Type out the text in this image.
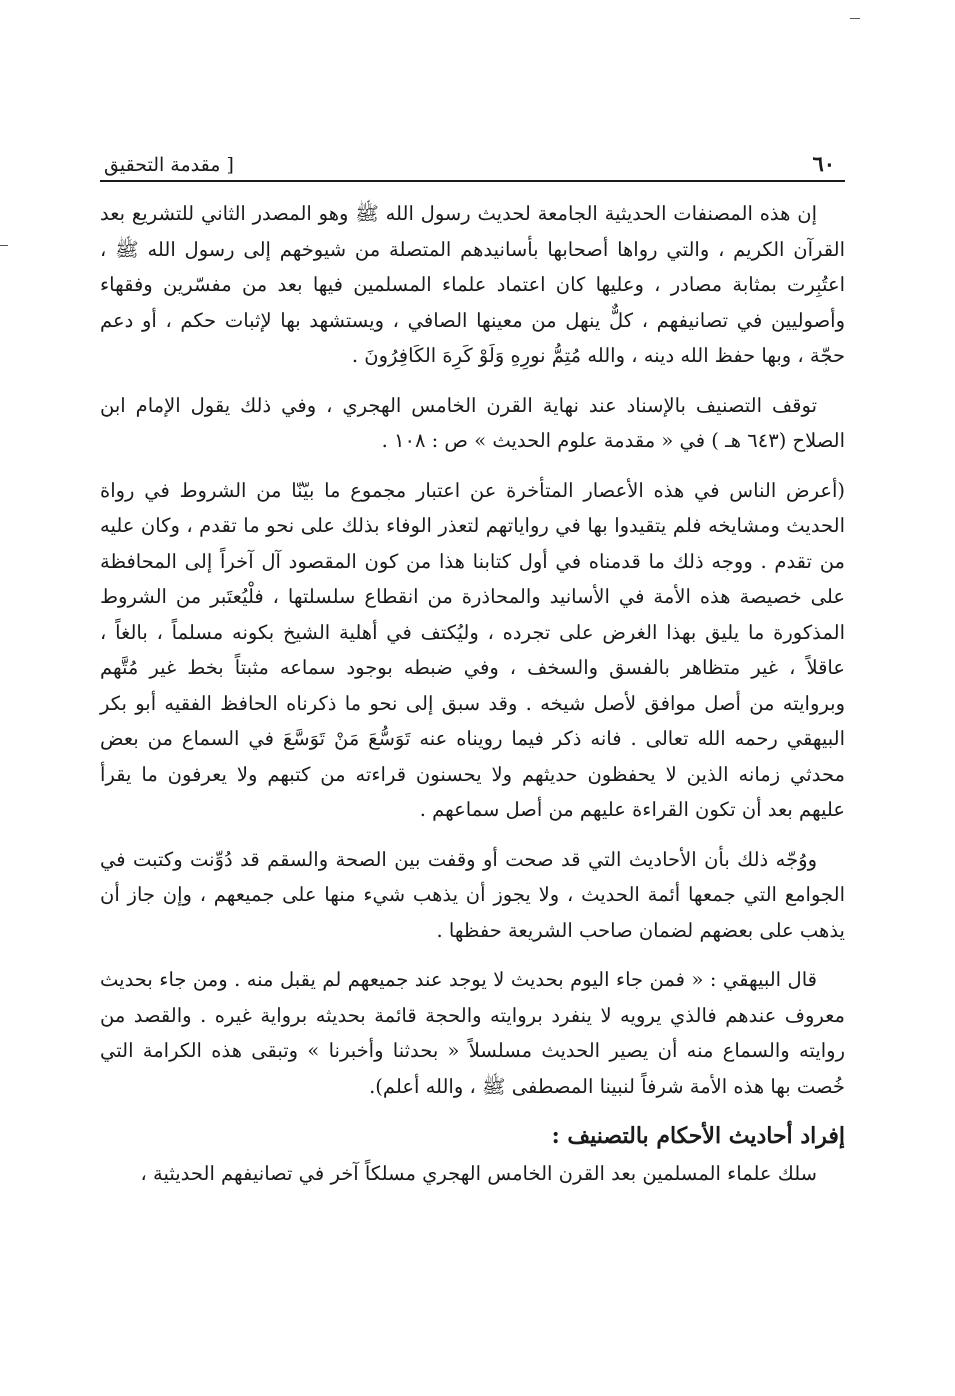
٦٠
[ مقدمة التحقيق

إن هذه المصنفات الحديثية الجامعة لحديث رسول الله ﷺ وهو المصدر الثاني للتشريع بعد القرآن الكريم ، والتي رواها أصحابها بأسانيدهم المتصلة من شيوخهم إلى رسول الله ﷺ ، اعتُبِرت بمثابة مصادر ، وعليها كان اعتماد علماء المسلمين فيها بعد من مفسّرين وفقهاء وأصوليين في تصانيفهم ، كلٌّ ينهل من معينها الصافي ، ويستشهد بها لإثبات حكم ، أو دعم حجّة ، وبها حفظ الله دينه ، والله مُتِمُّ نورِهِ وَلَوْ كَرِهَ الكَافِرُونَ .

توقف التصنيف بالإسناد عند نهاية القرن الخامس الهجري ، وفي ذلك يقول الإمام ابن الصلاح (٦٤٣ هـ ) في « مقدمة علوم الحديث » ص : ١٠٨ .

(أعرض الناس في هذه الأعصار المتأخرة عن اعتبار مجموع ما بيّنّا من الشروط في رواة الحديث ومشايخه فلم يتقيدوا بها في رواياتهم لتعذر الوفاء بذلك على نحو ما تقدم ، وكان عليه من تقدم . ووجه ذلك ما قدمناه في أول كتابنا هذا من كون المقصود آل آخراً إلى المحافظة على خصيصة هذه الأمة في الأسانيد والمحاذرة من انقطاع سلسلتها ، فلْيُعتَبر من الشروط المذكورة ما يليق بهذا الغرض على تجرده ، وليُكتف في أهلية الشيخ بكونه مسلماً ، بالغاً ، عاقلاً ، غير متظاهر بالفسق والسخف ، وفي ضبطه بوجود سماعه مثبتاً بخط غير مُتَّهم وبروايته من أصل موافق لأصل شيخه . وقد سبق إلى نحو ما ذكرناه الحافظ الفقيه أبو بكر البيهقي رحمه الله تعالى . فانه ذكر فيما رويناه عنه تَوَسُّعَ مَنْ تَوَسَّعَ في السماع من بعض محدثي زمانه الذين لا يحفظون حديثهم ولا يحسنون قراءته من كتبهم ولا يعرفون ما يقرأ عليهم بعد أن تكون القراءة عليهم من أصل سماعهم .

ووُجّه ذلك بأن الأحاديث التي قد صحت أو وقفت بين الصحة والسقم قد دُوِّنت وكتبت في الجوامع التي جمعها أئمة الحديث ، ولا يجوز أن يذهب شيء منها على جميعهم ، وإن جاز أن يذهب على بعضهم لضمان صاحب الشريعة حفظها .

قال البيهقي : « فمن جاء اليوم بحديث لا يوجد عند جميعهم لم يقبل منه . ومن جاء بحديث معروف عندهم فالذي يرويه لا ينفرد بروايته والحجة قائمة بحديثه برواية غيره . والقصد من روايته والسماع منه أن يصير الحديث مسلسلاً « بحدثنا وأخبرنا » وتبقى هذه الكرامة التي خُصت بها هذه الأمة شرفاً لنبينا المصطفى ﷺ ، والله أعلم).

إفراد أحاديث الأحكام بالتصنيف :

سلك علماء المسلمين بعد القرن الخامس الهجري مسلكاً آخر في تصانيفهم الحديثية ،
